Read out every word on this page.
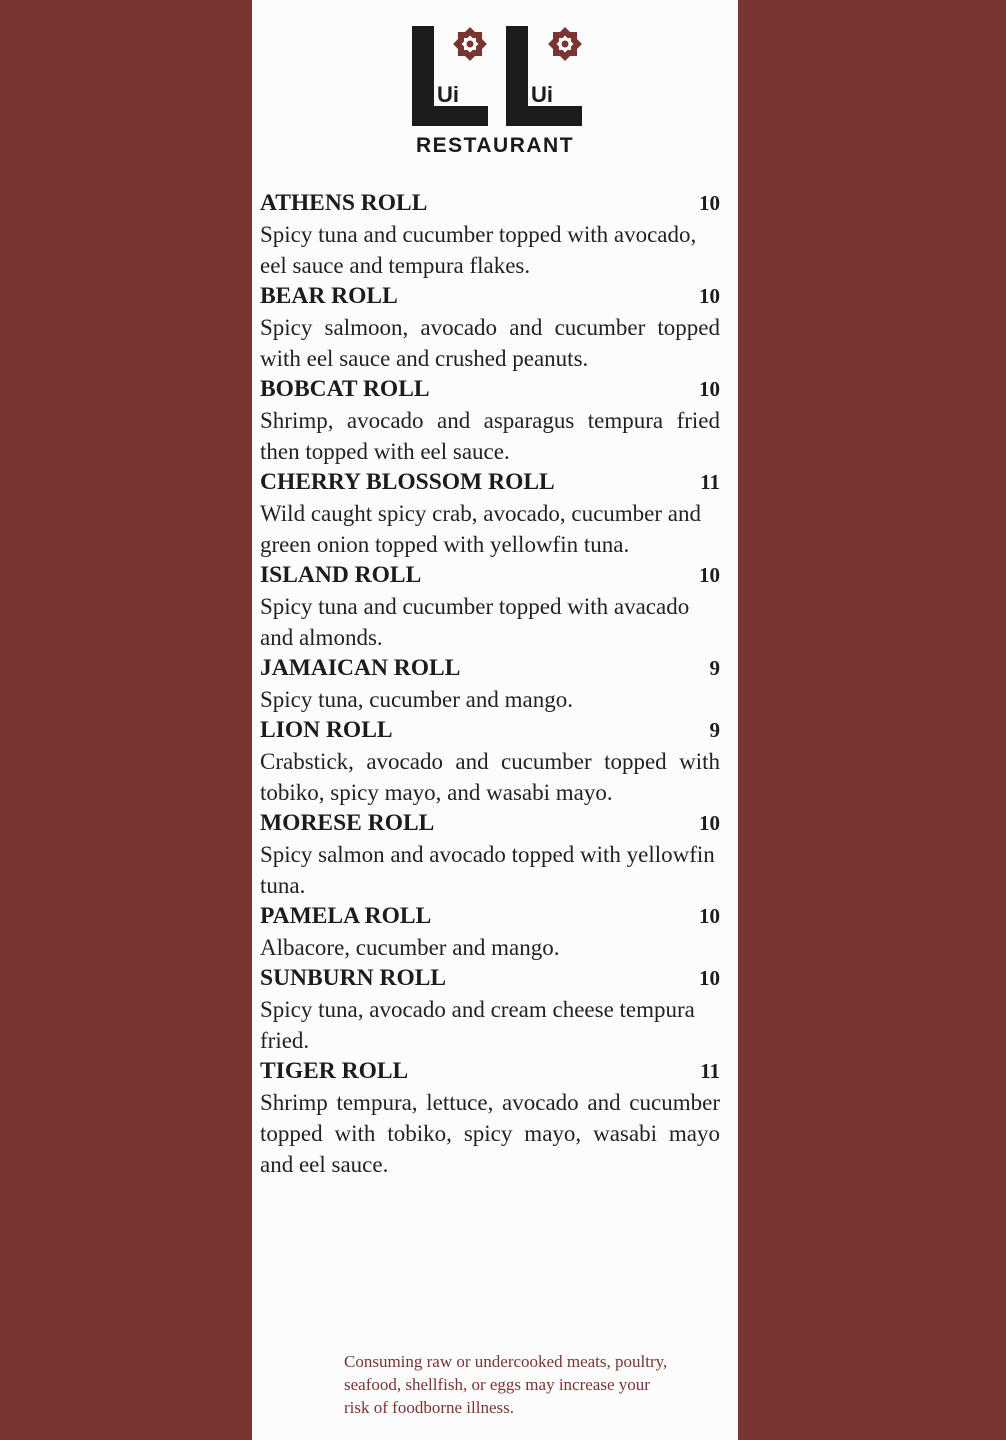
Ui	Ui
RESTAURANT
ATHENS ROLL	10
Spicy tuna and cucumber topped with avocado, eel sauce and tempura flakes.
BEAR ROLL	10
Spicy salmoon, avocado and cucumber topped with eel sauce and crushed peanuts.
BOBCAT ROLL	10
Shrimp, avocado and asparagus tempura fried then topped with eel sauce.
CHERRY BLOSSOM ROLL	11
Wild caught spicy crab, avocado, cucumber and green onion topped with yellowfin tuna.
ISLAND ROLL	10
Spicy tuna and cucumber topped with avacado and almonds.
JAMAICAN ROLL	9
Spicy tuna, cucumber and mango.
LION ROLL	9
Crabstick, avocado and cucumber topped with tobiko, spicy mayo, and wasabi mayo.
MORESE ROLL	10
Spicy salmon and avocado topped with yellowfin tuna.
PAMELA ROLL	10
Albacore, cucumber and mango.
SUNBURN ROLL	10
Spicy tuna, avocado and cream cheese tempura fried.
TIGER ROLL	11
Shrimp tempura, lettuce, avocado and cucumber topped with tobiko, spicy mayo, wasabi mayo and eel sauce.
Consuming raw or undercooked meats, poultry, seafood, shellfish, or eggs may increase your risk of foodborne illness.
